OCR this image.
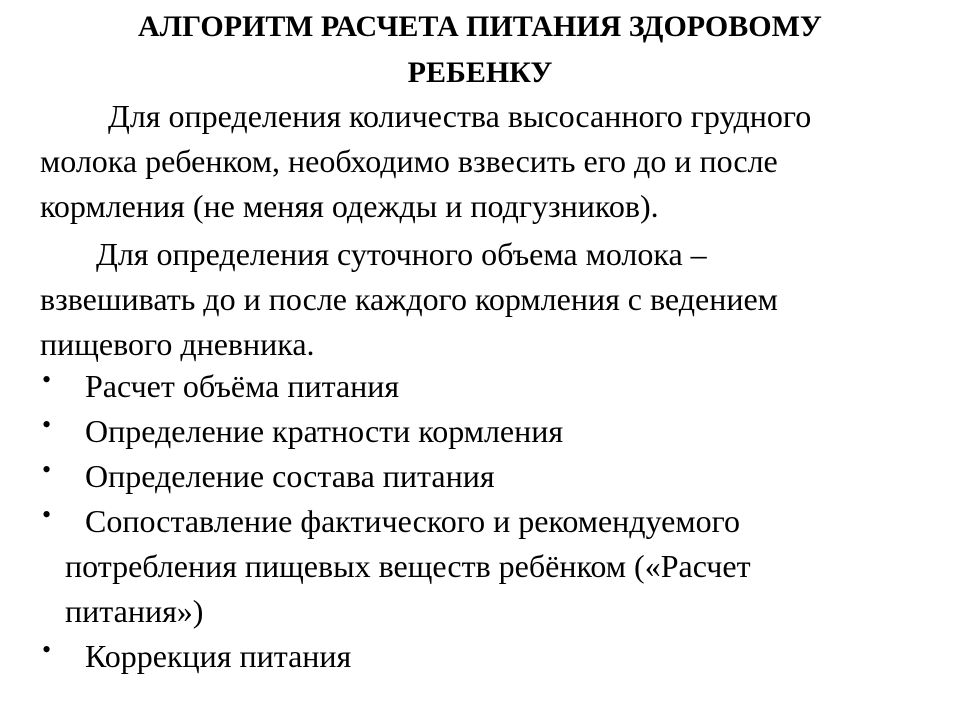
АЛГОРИТМ РАСЧЕТА ПИТАНИЯ ЗДОРОВОМУ
РЕБЕНКУ

Для определения количества высосанного грудного
молока ребенком, необходимо взвесить его до и после
кормления (не меняя одежды и подгузников).

Для определения суточного объема молока –
взвешивать до и после каждого кормления с ведением
пищевого дневника.

• Расчет объёма питания
• Определение кратности кормления
• Определение состава питания
• Сопоставление фактического и рекомендуемого
потребления пищевых веществ ребёнком («Расчет
питания»)
• Коррекция питания
